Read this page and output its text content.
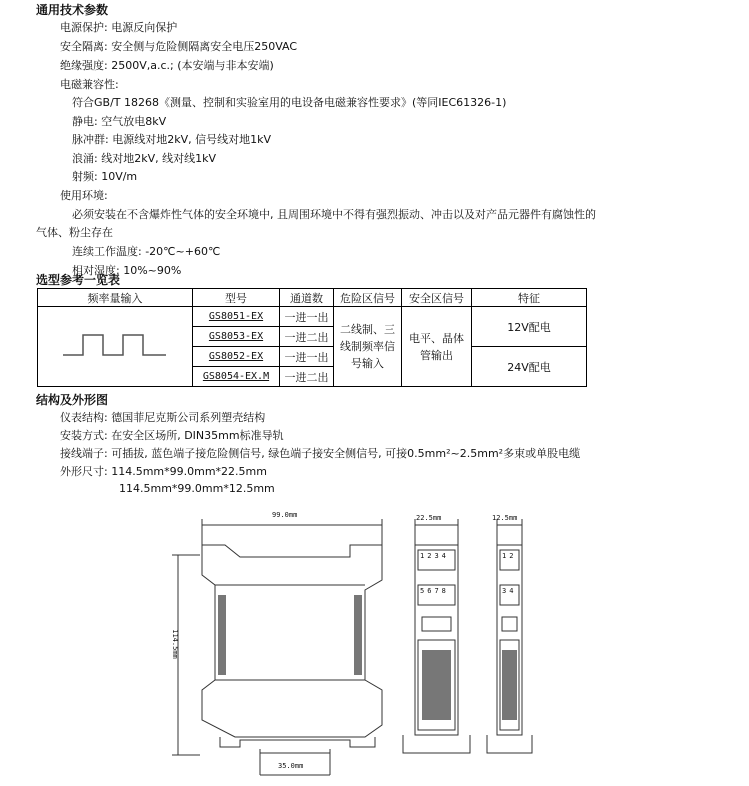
通用技术参数
电源保护: 电源反向保护
安全隔离: 安全侧与危险侧隔离安全电压250VAC
绝缘强度: 2500V,a.c.; (本安端与非本安端)
电磁兼容性:
符合GB/T 18268《测量、控制和实验室用的电设备电磁兼容性要求》(等同IEC61326-1)
静电: 空气放电8kV
脉冲群: 电源线对地2kV, 信号线对地1kV
浪涌: 线对地2kV, 线对线1kV
射频: 10V/m
使用环境:
必须安装在不含爆炸性气体的安全环境中, 且周围环境中不得有强烈振动、冲击以及对产品元器件有腐蚀性的
气体、粉尘存在
连续工作温度: -20℃~+60℃
相对湿度: 10%~90%
选型参考一览表
频率量输入	型号	通道数	危险区信号	安全区信号	特征
	GS8051-EX	一进一出	二线制、三线制频率信号输入	电平、晶体管输出	12V配电
	GS8053-EX	一进二出			
	GS8052-EX	一进一出			24V配电
	GS8054-EX.M	一进二出			
结构及外形图
仪表结构: 德国菲尼克斯公司系列塑壳结构
安装方式: 在安全区场所, DIN35mm标准导轨
接线端子: 可插拔, 蓝色端子接危险侧信号, 绿色端子接安全侧信号, 可接0.5mm²~2.5mm²多束或单股电缆
外形尺寸: 114.5mm*99.0mm*22.5mm
114.5mm*99.0mm*12.5mm
99.0mm
114.5mm
35.0mm
22.5mm	12.5mm
1234
5678
12
34
